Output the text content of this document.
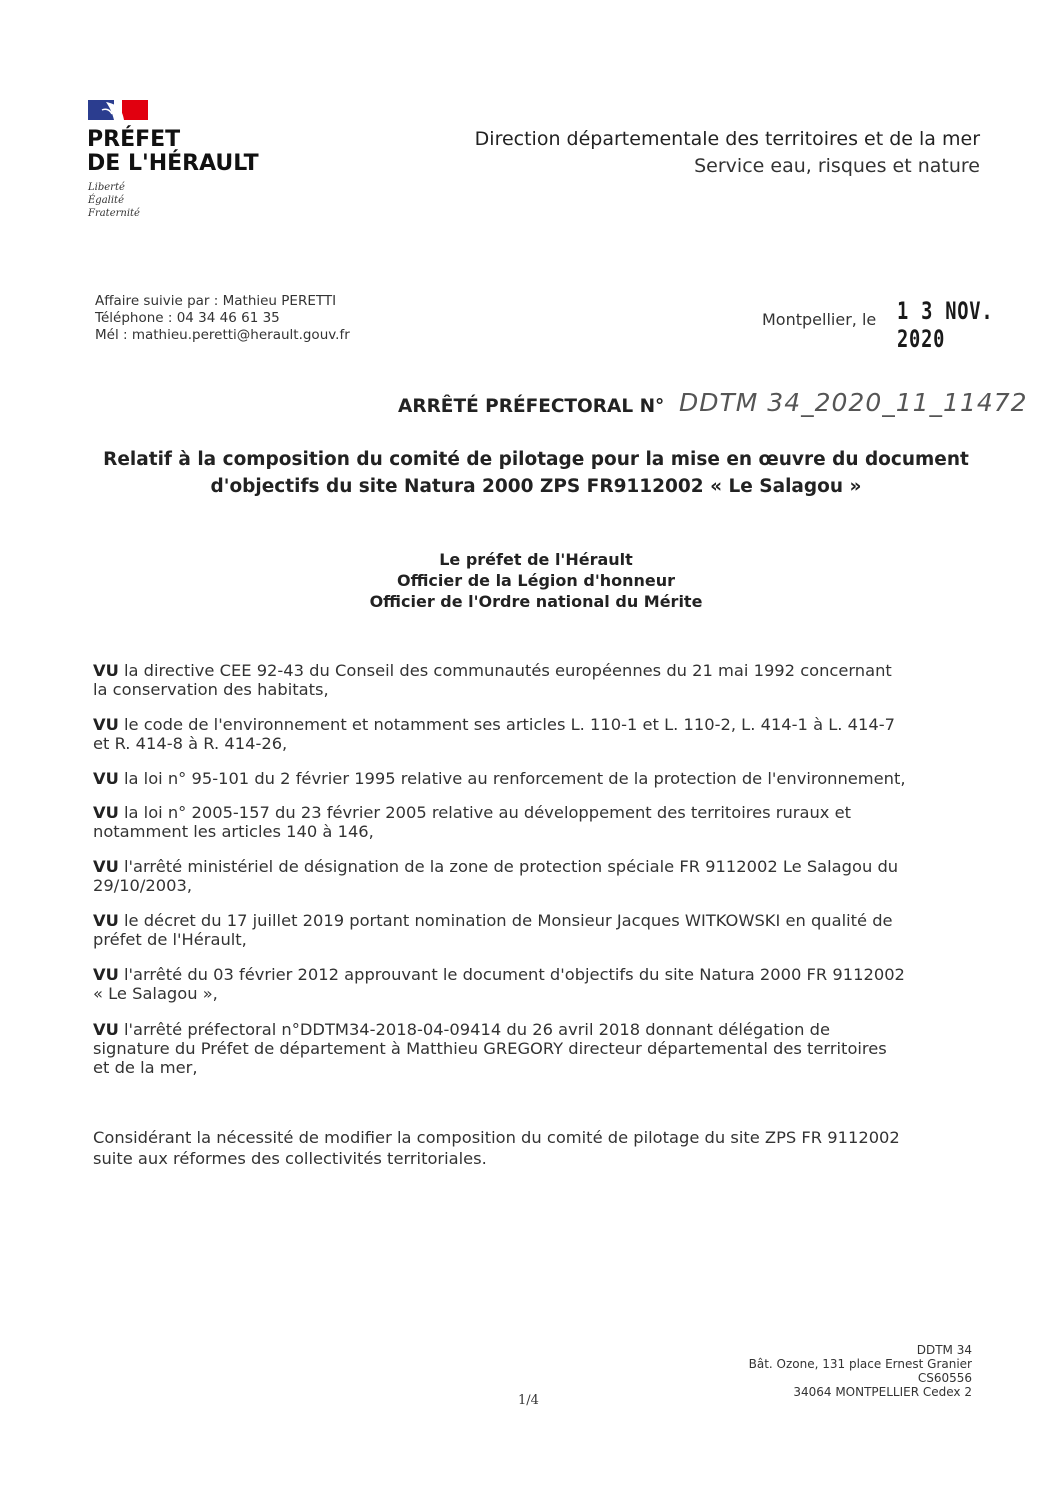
PRÉFET
DE L'HÉRAULT
Liberté
Égalité
Fraternité
Direction départementale des territoires et de la mer
Service eau, risques et nature
Affaire suivie par : Mathieu PERETTI
Téléphone : 04 34 46 61 35
Mél : mathieu.peretti@herault.gouv.fr
Montpellier, le 1 3 NOV. 2020
ARRÊTÉ PRÉFECTORAL N° DDTM 34_2020_11_11472
Relatif à la composition du comité de pilotage pour la mise en œuvre du document
d'objectifs du site Natura 2000 ZPS FR9112002 « Le Salagou »
Le préfet de l'Hérault
Officier de la Légion d'honneur
Officier de l'Ordre national du Mérite
VU la directive CEE 92-43 du Conseil des communautés européennes du 21 mai 1992 concernant
la conservation des habitats,
VU le code de l'environnement et notamment ses articles L. 110-1 et L. 110-2, L. 414-1 à L. 414-7
et R. 414-8 à R. 414-26,
VU la loi n° 95-101 du 2 février 1995 relative au renforcement de la protection de l'environnement,
VU la loi n° 2005-157 du 23 février 2005 relative au développement des territoires ruraux et
notamment les articles 140 à 146,
VU l'arrêté ministériel de désignation de la zone de protection spéciale FR 9112002 Le Salagou du
29/10/2003,
VU le décret du 17 juillet 2019 portant nomination de Monsieur Jacques WITKOWSKI en qualité de
préfet de l'Hérault,
VU l'arrêté du 03 février 2012 approuvant le document d'objectifs du site Natura 2000 FR 9112002
« Le Salagou »,
VU l'arrêté préfectoral n°DDTM34-2018-04-09414 du 26 avril 2018 donnant délégation de
signature du Préfet de département à Matthieu GREGORY directeur départemental des territoires
et de la mer,
Considérant la nécessité de modifier la composition du comité de pilotage du site ZPS FR 9112002
suite aux réformes des collectivités territoriales.
DDTM 34
Bât. Ozone, 131 place Ernest Granier
CS60556
34064 MONTPELLIER Cedex 2
1/4
